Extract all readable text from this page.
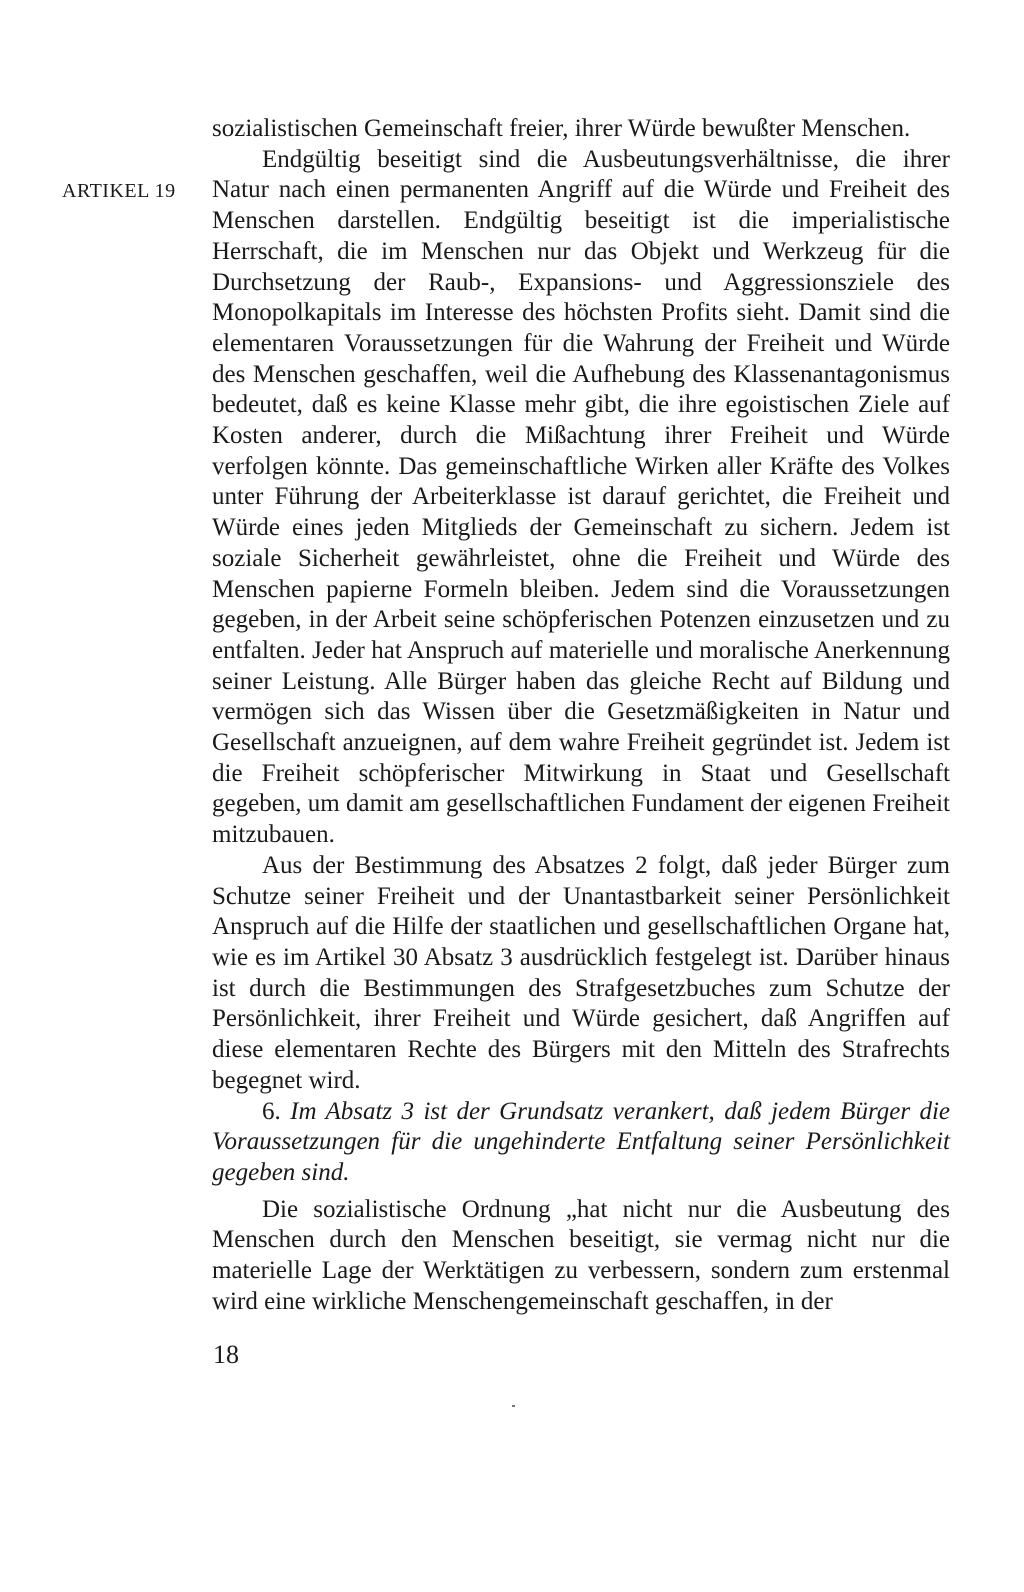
ARTIKEL 19

sozialistischen Gemeinschaft freier, ihrer Würde bewußter Menschen.

Endgültig beseitigt sind die Ausbeutungsverhältnisse, die ihrer Natur nach einen permanenten Angriff auf die Würde und Freiheit des Menschen darstellen. Endgültig beseitigt ist die imperialistische Herrschaft, die im Menschen nur das Objekt und Werkzeug für die Durchsetzung der Raub-, Expansions- und Aggressionsziele des Monopolkapitals im Interesse des höchsten Profits sieht. Damit sind die elementaren Voraussetzungen für die Wahrung der Freiheit und Würde des Menschen geschaffen, weil die Aufhebung des Klassenantagonismus bedeutet, daß es keine Klasse mehr gibt, die ihre egoistischen Ziele auf Kosten anderer, durch die Mißachtung ihrer Freiheit und Würde verfolgen könnte. Das gemeinschaftliche Wirken aller Kräfte des Volkes unter Führung der Arbeiterklasse ist darauf gerichtet, die Freiheit und Würde eines jeden Mitglieds der Gemeinschaft zu sichern. Jedem ist soziale Sicherheit gewährleistet, ohne die Freiheit und Würde des Menschen papierne Formeln bleiben. Jedem sind die Voraussetzungen gegeben, in der Arbeit seine schöpferischen Potenzen einzusetzen und zu entfalten. Jeder hat Anspruch auf materielle und moralische Anerkennung seiner Leistung. Alle Bürger haben das gleiche Recht auf Bildung und vermögen sich das Wissen über die Gesetzmäßigkeiten in Natur und Gesellschaft anzueignen, auf dem wahre Freiheit gegründet ist. Jedem ist die Freiheit schöpferischer Mitwirkung in Staat und Gesellschaft gegeben, um damit am gesellschaftlichen Fundament der eigenen Freiheit mitzubauen.

Aus der Bestimmung des Absatzes 2 folgt, daß jeder Bürger zum Schutze seiner Freiheit und der Unantastbarkeit seiner Persönlichkeit Anspruch auf die Hilfe der staatlichen und gesellschaftlichen Organe hat, wie es im Artikel 30 Absatz 3 ausdrücklich festgelegt ist. Darüber hinaus ist durch die Bestimmungen des Strafgesetzbuches zum Schutze der Persönlichkeit, ihrer Freiheit und Würde gesichert, daß Angriffen auf diese elementaren Rechte des Bürgers mit den Mitteln des Strafrechts begegnet wird.

6. Im Absatz 3 ist der Grundsatz verankert, daß jedem Bürger die Voraussetzungen für die ungehinderte Entfaltung seiner Persönlichkeit gegeben sind.

Die sozialistische Ordnung „hat nicht nur die Ausbeutung des Menschen durch den Menschen beseitigt, sie vermag nicht nur die materielle Lage der Werktätigen zu verbessern, sondern zum erstenmal wird eine wirkliche Menschengemeinschaft geschaffen, in der

18
